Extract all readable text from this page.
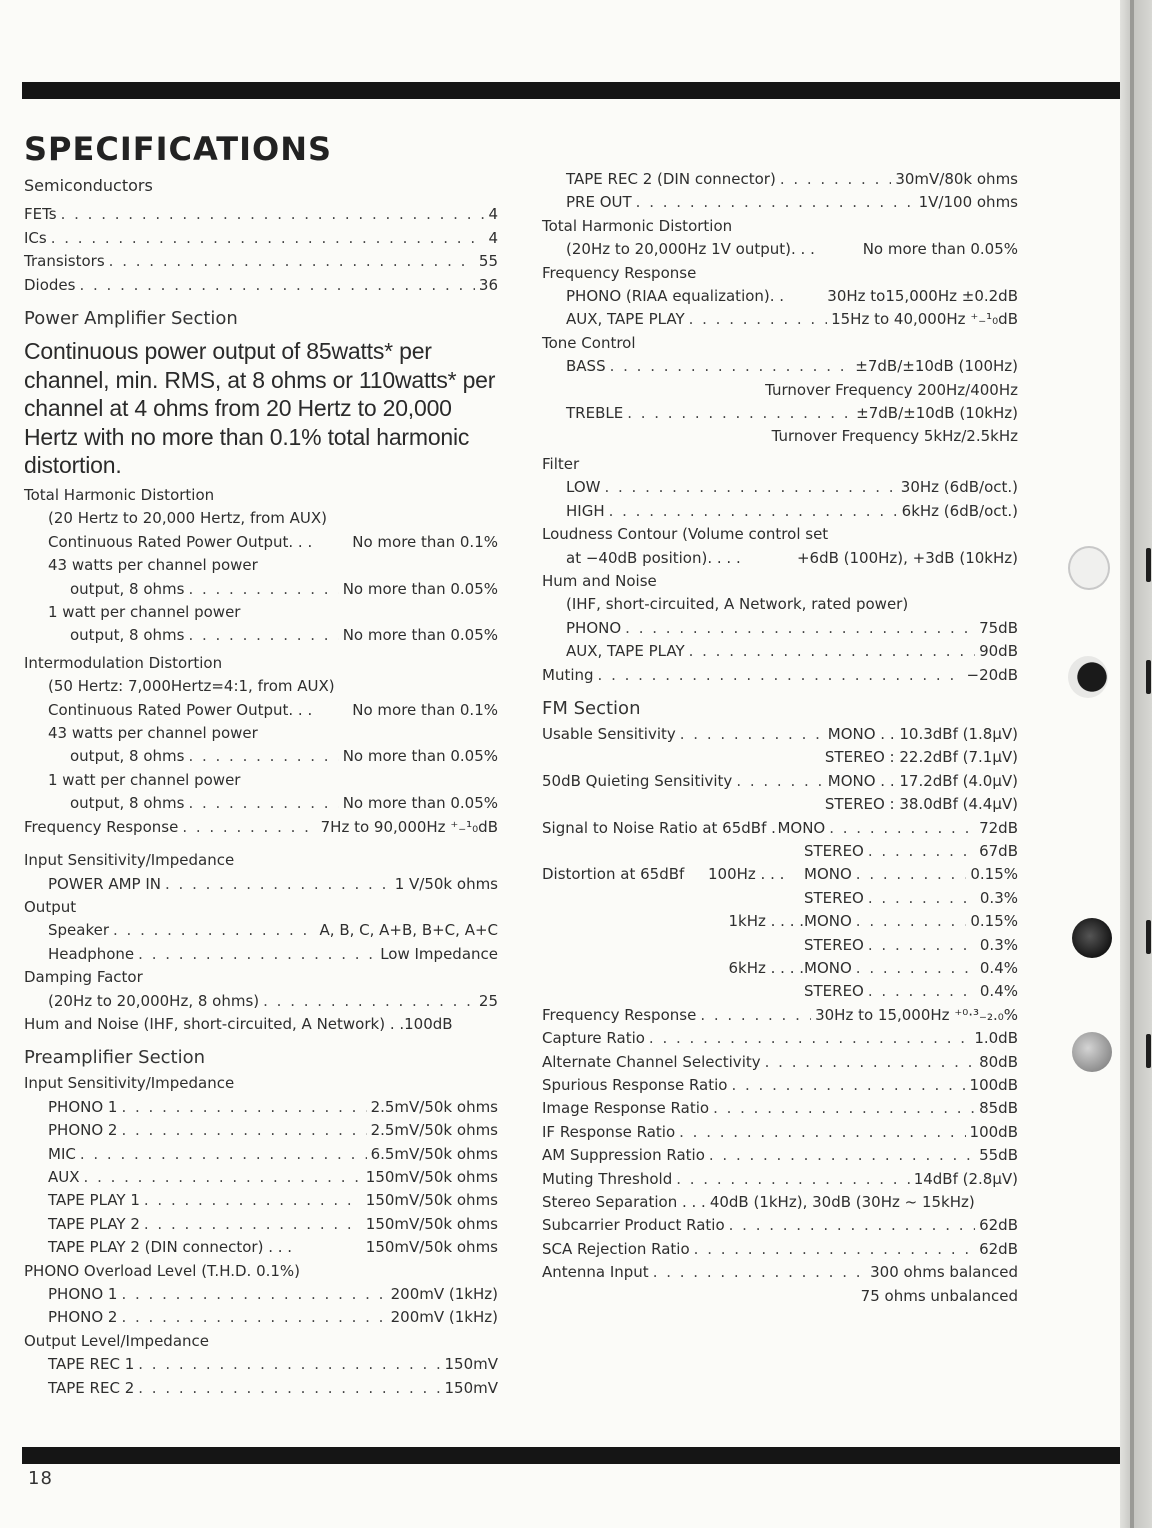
SPECIFICATIONS
Semiconductors
FETs . . .	4
ICs . . .	4
Transistors . . .	55
Diodes . . .	36
Power Amplifier Section
Continuous power output of 85watts* per channel, min. RMS, at 8 ohms or 110watts* per channel at 4 ohms from 20 Hertz to 20,000 Hertz with no more than 0.1% total harmonic distortion.
Total Harmonic Distortion
(20 Hertz to 20,000 Hertz, from AUX)
Continuous Rated Power Output. . .	No more than 0.1%
43 watts per channel power
output, 8 ohms . . .	No more than 0.05%
1 watt per channel power
output, 8 ohms . . .	No more than 0.05%
Intermodulation Distortion
(50 Hertz: 7,000Hertz=4:1, from AUX)
Continuous Rated Power Output. . .	No more than 0.1%
43 watts per channel power
output, 8 ohms . . .	No more than 0.05%
1 watt per channel power
output, 8 ohms . . .	No more than 0.05%
Frequency Response . . .	7Hz to 90,000Hz ⁺₋¹₀dB
Input Sensitivity/Impedance
POWER AMP IN . . .	1 V/50k ohms
Output
Speaker . . .	A, B, C, A+B, B+C, A+C
Headphone . . .	Low Impedance
Damping Factor
(20Hz to 20,000Hz, 8 ohms) . . .	25
Hum and Noise (IHF, short-circuited, A Network) . .100dB
Preamplifier Section
Input Sensitivity/Impedance
PHONO 1 . . .	2.5mV/50k ohms
PHONO 2 . . .	2.5mV/50k ohms
MIC . . .	6.5mV/50k ohms
AUX . . .	150mV/50k ohms
TAPE PLAY 1 . . .	150mV/50k ohms
TAPE PLAY 2 . . .	150mV/50k ohms
TAPE PLAY 2 (DIN connector) . . .	150mV/50k ohms
PHONO Overload Level (T.H.D. 0.1%)
PHONO 1 . . .	200mV (1kHz)
PHONO 2 . . .	200mV (1kHz)
Output Level/Impedance
TAPE REC 1 . . .	150mV
TAPE REC 2 . . .	150mV
TAPE REC 2 (DIN connector) . . .	30mV/80k ohms
PRE OUT . . .	1V/100 ohms
Total Harmonic Distortion
(20Hz to 20,000Hz 1V output). . .	No more than 0.05%
Frequency Response
PHONO (RIAA equalization). .	30Hz to15,000Hz ±0.2dB
AUX, TAPE PLAY . . .	15Hz to 40,000Hz ⁺₋¹₀dB
Tone Control
BASS . . .	±7dB/±10dB (100Hz)
Turnover Frequency 200Hz/400Hz
TREBLE . . .	±7dB/±10dB (10kHz)
Turnover Frequency 5kHz/2.5kHz
Filter
LOW . . .	30Hz (6dB/oct.)
HIGH . . .	6kHz (6dB/oct.)
Loudness Contour (Volume control set
at −40dB position). . . .	+6dB (100Hz), +3dB (10kHz)
Hum and Noise
(IHF, short-circuited, A Network, rated power)
PHONO . . .	75dB
AUX, TAPE PLAY . . .	90dB
Muting . . .	−20dB
FM Section
Usable Sensitivity . . .	MONO . . 10.3dBf (1.8μV)
STEREO : 22.2dBf (7.1μV)
50dB Quieting Sensitivity . . .	MONO . . 17.2dBf (4.0μV)
STEREO : 38.0dBf (4.4μV)
Signal to Noise Ratio at 65dBf . MONO . . .	72dB
STEREO . . .	67dB
Distortion at 65dBf	100Hz . . .	MONO . . .	0.15%
STEREO . . .	0.3%
1kHz . . . . MONO . . .	0.15%
STEREO . . .	0.3%
6kHz . . . . MONO . . .	0.4%
STEREO . . .	0.4%
Frequency Response . . .	30Hz to 15,000Hz ⁺⁰·³₋₂.₀%
Capture Ratio . . .	1.0dB
Alternate Channel Selectivity . . .	80dB
Spurious Response Ratio . . .	100dB
Image Response Ratio . . .	85dB
IF Response Ratio . . .	100dB
AM Suppression Ratio . . .	55dB
Muting Threshold . . .	14dBf (2.8μV)
Stereo Separation . . . 40dB (1kHz), 30dB (30Hz ~ 15kHz)
Subcarrier Product Ratio . . .	62dB
SCA Rejection Ratio . . .	62dB
Antenna Input . . .	300 ohms balanced
75 ohms unbalanced
18
